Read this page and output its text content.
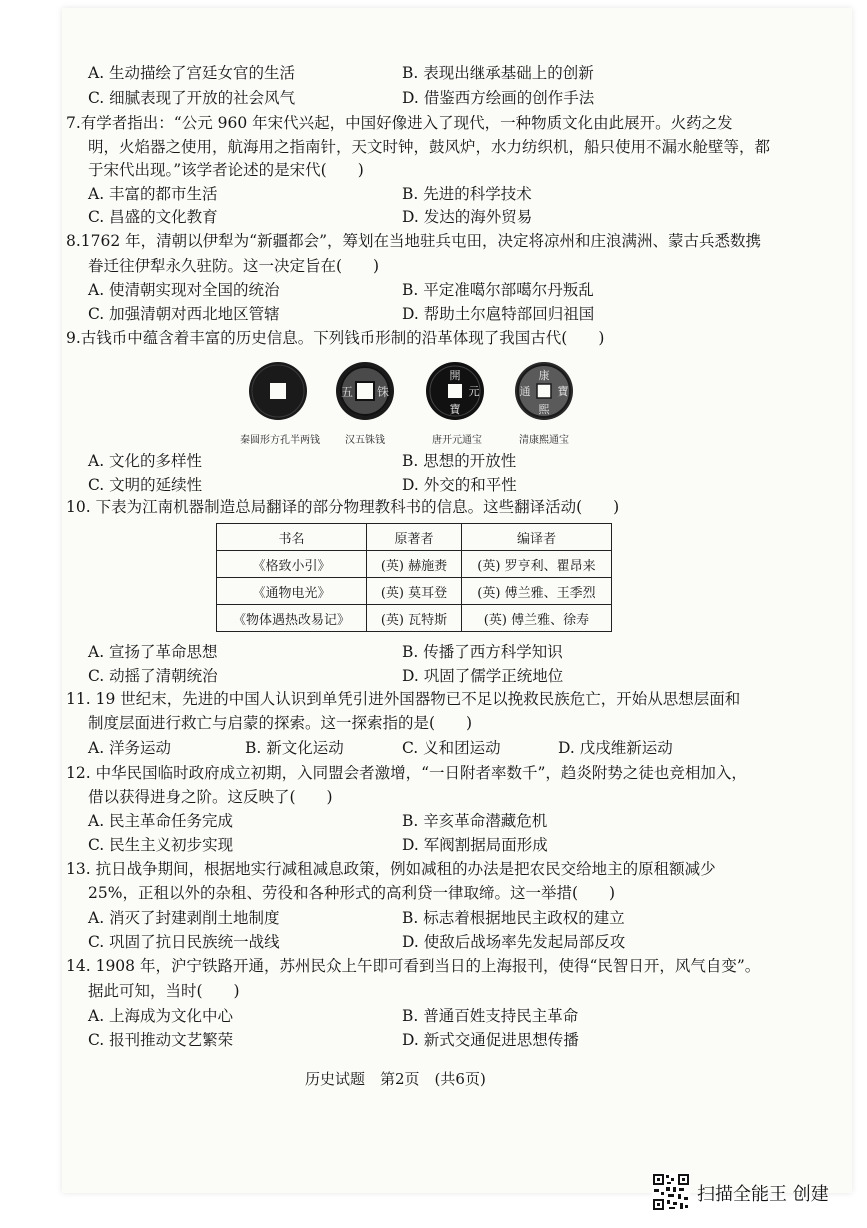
A. 生动描绘了宫廷女官的生活	B. 表现出继承基础上的创新
C. 细腻表现了开放的社会风气	D. 借鉴西方绘画的创作手法
7.有学者指出：“公元 960 年宋代兴起，中国好像进入了现代，一种物质文化由此展开。火药之发
明，火焰器之使用，航海用之指南针，天文时钟，鼓风炉，水力纺织机，船只使用不漏水舱壁等，都
于宋代出现。”该学者论述的是宋代(　　)
A. 丰富的都市生活	B. 先进的科学技术
C. 昌盛的文化教育	D. 发达的海外贸易
8.1762 年，清朝以伊犁为“新疆都会”，筹划在当地驻兵屯田，决定将凉州和庄浪满洲、蒙古兵悉数携
眷迁往伊犁永久驻防。这一决定旨在(　　)
A. 使清朝实现对全国的统治	B. 平定准噶尔部噶尔丹叛乱
C. 加强清朝对西北地区管辖	D. 帮助土尔扈特部回归祖国
9.古钱币中蕴含着丰富的历史信息。下列钱币形制的沿革体现了我国古代(　　)
五 铢
開
寶
元
康
熙
通 寶
秦圆形方孔半两钱	汉五铢钱	唐开元通宝	清康熙通宝
A. 文化的多样性	B. 思想的开放性
C. 文明的延续性	D. 外交的和平性
10. 下表为江南机器制造总局翻译的部分物理教科书的信息。这些翻译活动(　　)
书名	原著者	编译者
《格致小引》	(英) 赫施赉	(英) 罗亨利、瞿昂来
《通物电光》	(英) 莫耳登	(英) 傅兰雅、王季烈
《物体遇热改易记》	(英) 瓦特斯	(英) 傅兰雅、徐寿
A. 宣扬了革命思想	B. 传播了西方科学知识
C. 动摇了清朝统治	D. 巩固了儒学正统地位
11. 19 世纪末，先进的中国人认识到单凭引进外国器物已不足以挽救民族危亡，开始从思想层面和
制度层面进行救亡与启蒙的探索。这一探索指的是(　　)
A. 洋务运动	B. 新文化运动	C. 义和团运动	D. 戊戌维新运动
12. 中华民国临时政府成立初期，入同盟会者激增，“一日附者率数千”，趋炎附势之徒也竞相加入，
借以获得进身之阶。这反映了(　　)
A. 民主革命任务完成	B. 辛亥革命潜藏危机
C. 民生主义初步实现	D. 军阀割据局面形成
13. 抗日战争期间，根据地实行减租减息政策，例如减租的办法是把农民交给地主的原租额减少
25%，正租以外的杂租、劳役和各种形式的高利贷一律取缔。这一举措(　　)
A. 消灭了封建剥削土地制度	B. 标志着根据地民主政权的建立
C. 巩固了抗日民族统一战线	D. 使敌后战场率先发起局部反攻
14. 1908 年，沪宁铁路开通，苏州民众上午即可看到当日的上海报刊，使得“民智日开，风气自变”。
据此可知，当时(　　)
A. 上海成为文化中心	B. 普通百姓支持民主革命
C. 报刊推动文艺繁荣	D. 新式交通促进思想传播
历史试题　第2页　(共6页)
扫描全能王 创建
